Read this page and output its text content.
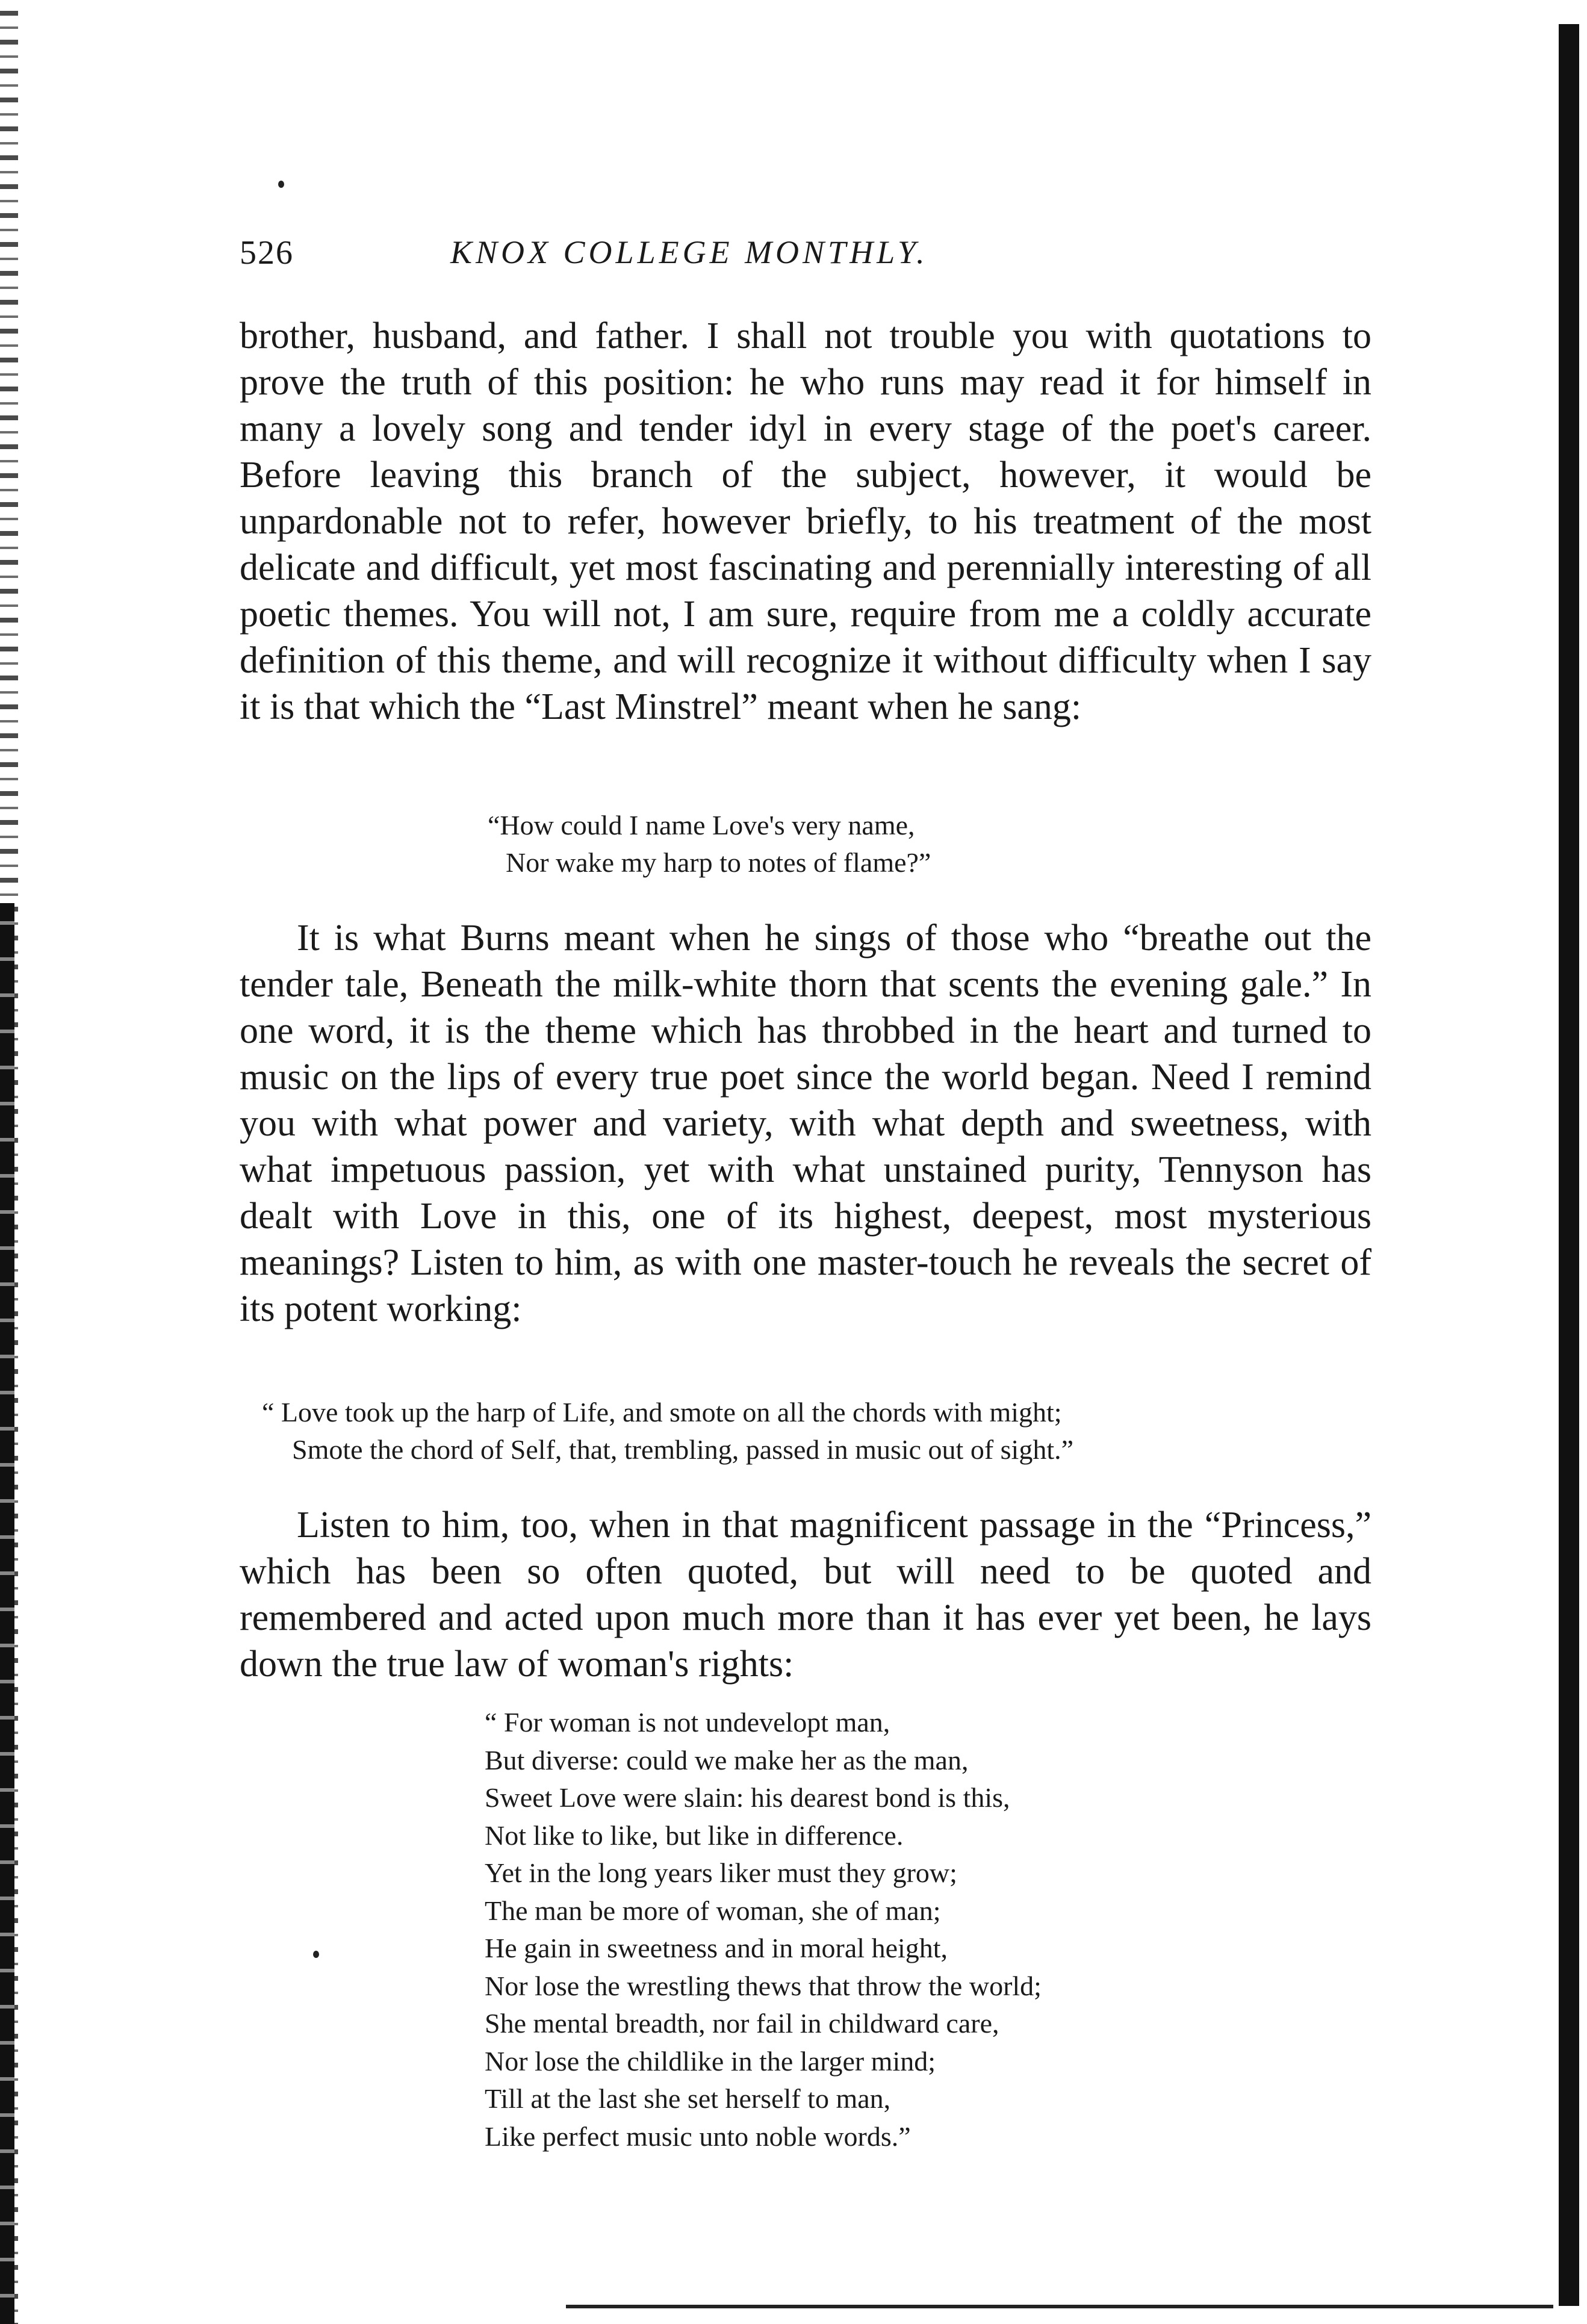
526	KNOX COLLEGE MONTHLY.

brother, husband, and father. I shall not trouble you with quotations to prove the truth of this position: he who runs may read it for himself in many a lovely song and tender idyl in every stage of the poet's career. Before leaving this branch of the subject, however, it would be unpardonable not to refer, however briefly, to his treatment of the most delicate and difficult, yet most fascinating and perennially interesting of all poetic themes. You will not, I am sure, require from me a coldly accurate definition of this theme, and will recognize it without difficulty when I say it is that which the “Last Minstrel” meant when he sang:

“How could I name Love's very name,
Nor wake my harp to notes of flame?”

It is what Burns meant when he sings of those who “breathe out the tender tale, Beneath the milk-white thorn that scents the evening gale.” In one word, it is the theme which has throbbed in the heart and turned to music on the lips of every true poet since the world began. Need I remind you with what power and variety, with what depth and sweetness, with what impetuous passion, yet with what unstained purity, Tennyson has dealt with Love in this, one of its highest, deepest, most mysterious meanings? Listen to him, as with one master-touch he reveals the secret of its potent working:

“ Love took up the harp of Life, and smote on all the chords with might;
Smote the chord of Self, that, trembling, passed in music out of sight.”

Listen to him, too, when in that magnificent passage in the “Princess,” which has been so often quoted, but will need to be quoted and remembered and acted upon much more than it has ever yet been, he lays down the true law of woman's rights:

“ For woman is not undevelopt man,
But diverse: could we make her as the man,
Sweet Love were slain: his dearest bond is this,
Not like to like, but like in difference.
Yet in the long years liker must they grow;
The man be more of woman, she of man;
He gain in sweetness and in moral height,
Nor lose the wrestling thews that throw the world;
She mental breadth, nor fail in childward care,
Nor lose the childlike in the larger mind;
Till at the last she set herself to man,
Like perfect music unto noble words.”
